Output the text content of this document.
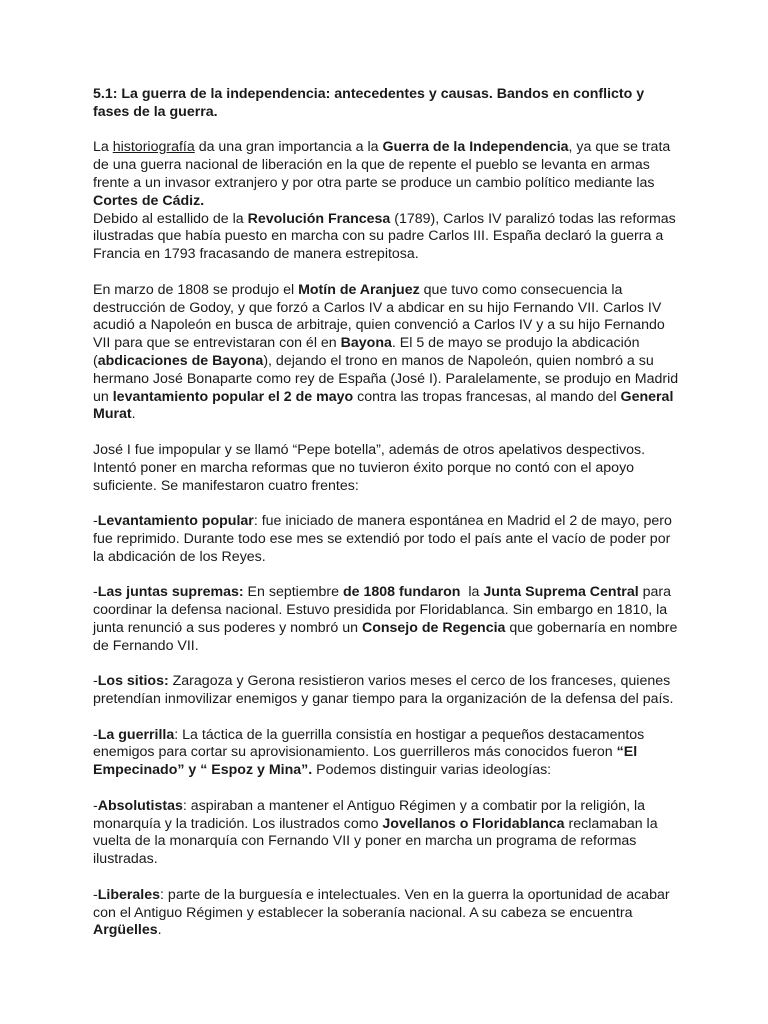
5.1: La guerra de la independencia: antecedentes y causas. Bandos en conflicto y fases de la guerra.

La historiografía da una gran importancia a la Guerra de la Independencia, ya que se trata de una guerra nacional de liberación en la que de repente el pueblo se levanta en armas frente a un invasor extranjero y por otra parte se produce un cambio político mediante las Cortes de Cádiz.

Debido al estallido de la Revolución Francesa (1789), Carlos IV paralizó todas las reformas ilustradas que había puesto en marcha con su padre Carlos III. España declaró la guerra a Francia en 1793 fracasando de manera estrepitosa.

En marzo de 1808 se produjo el Motín de Aranjuez que tuvo como consecuencia la destrucción de Godoy, y que forzó a Carlos IV a abdicar en su hijo Fernando VII. Carlos IV acudió a Napoleón en busca de arbitraje, quien convenció a Carlos IV y a su hijo Fernando VII para que se entrevistaran con él en Bayona. El 5 de mayo se produjo la abdicación (abdicaciones de Bayona), dejando el trono en manos de Napoleón, quien nombró a su hermano José Bonaparte como rey de España (José I). Paralelamente, se produjo en Madrid un levantamiento popular el 2 de mayo contra las tropas francesas, al mando del General Murat.

José I fue impopular y se llamó “Pepe botella”, además de otros apelativos despectivos. Intentó poner en marcha reformas que no tuvieron éxito porque no contó con el apoyo suficiente. Se manifestaron cuatro frentes:

-Levantamiento popular: fue iniciado de manera espontánea en Madrid el 2 de mayo, pero fue reprimido. Durante todo ese mes se extendió por todo el país ante el vacío de poder por la abdicación de los Reyes.

-Las juntas supremas: En septiembre de 1808 fundaron  la Junta Suprema Central para coordinar la defensa nacional. Estuvo presidida por Floridablanca. Sin embargo en 1810, la junta renunció a sus poderes y nombró un Consejo de Regencia que gobernaría en nombre de Fernando VII.

-Los sitios: Zaragoza y Gerona resistieron varios meses el cerco de los franceses, quienes pretendían inmovilizar enemigos y ganar tiempo para la organización de la defensa del país.

-La guerrilla: La táctica de la guerrilla consistía en hostigar a pequeños destacamentos enemigos para cortar su aprovisionamiento. Los guerrilleros más conocidos fueron “El Empecinado” y “ Espoz y Mina”. Podemos distinguir varias ideologías:

-Absolutistas: aspiraban a mantener el Antiguo Régimen y a combatir por la religión, la monarquía y la tradición. Los ilustrados como Jovellanos o Floridablanca reclamaban la vuelta de la monarquía con Fernando VII y poner en marcha un programa de reformas ilustradas.

-Liberales: parte de la burguesía e intelectuales. Ven en la guerra la oportunidad de acabar con el Antiguo Régimen y establecer la soberanía nacional. A su cabeza se encuentra Argüelles.
